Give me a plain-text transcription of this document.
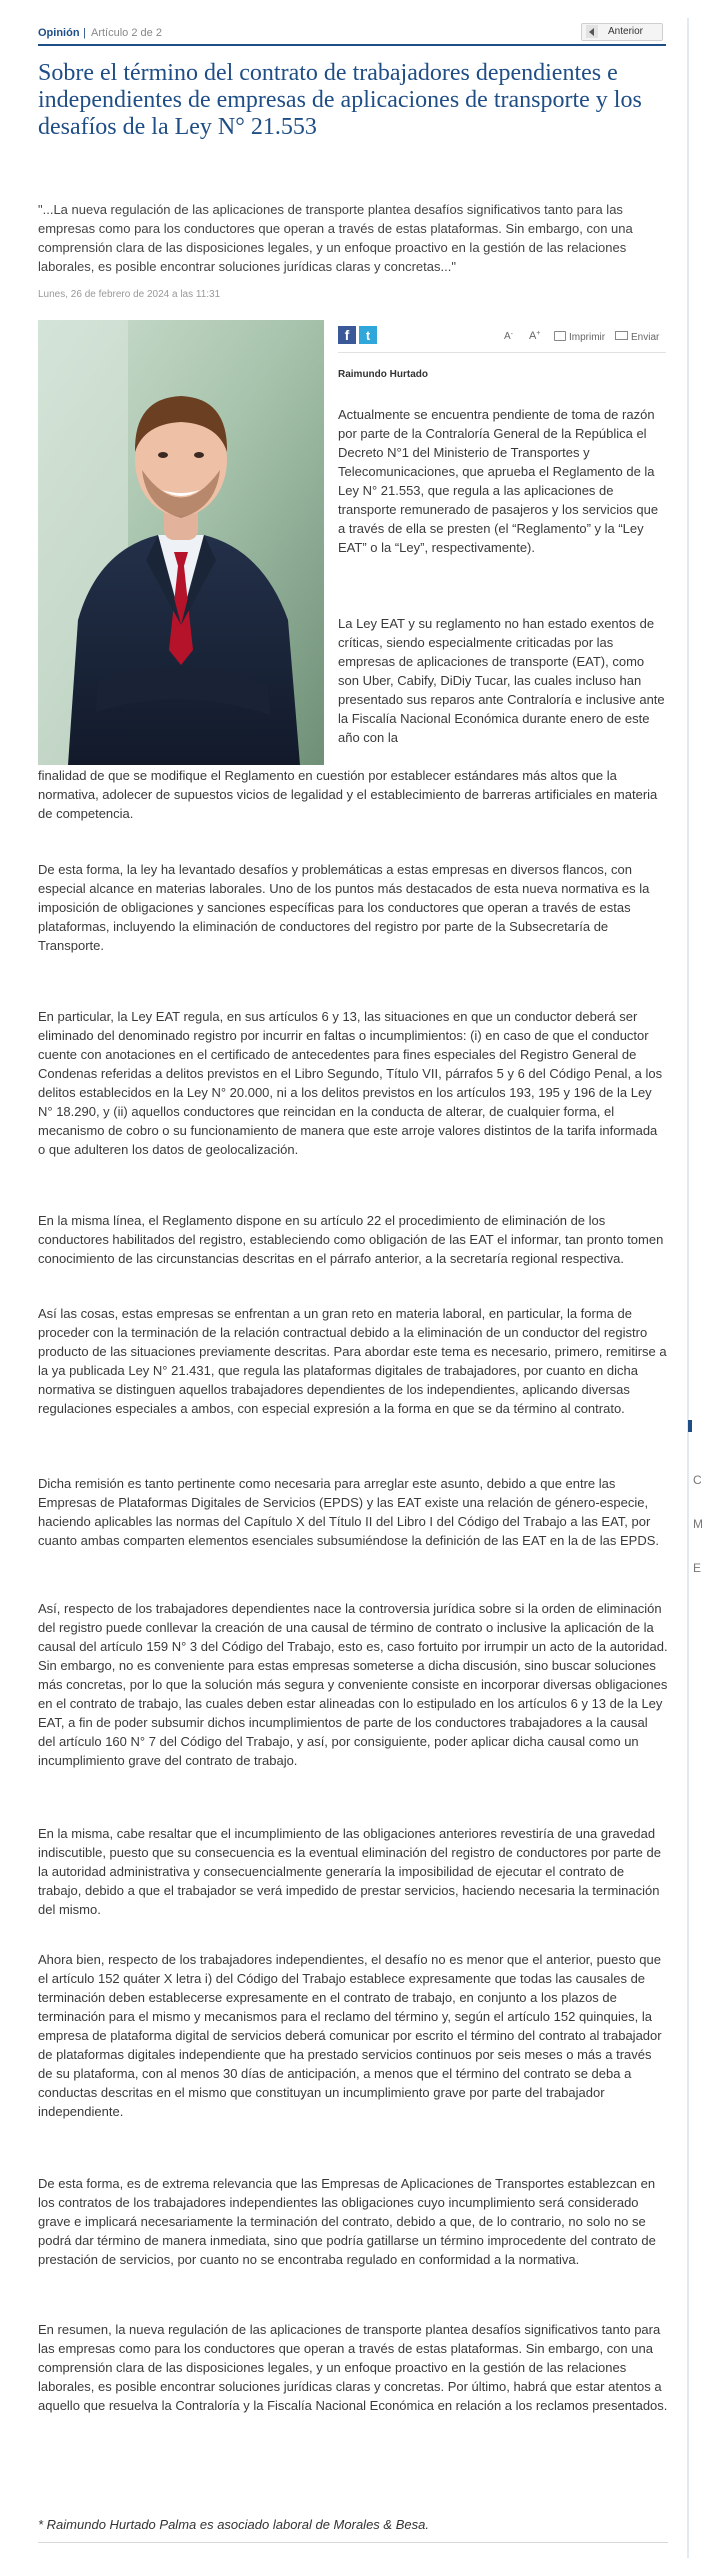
C M E
Opinión | Artículo 2 de 2	Anterior
Sobre el término del contrato de trabajadores dependientes e independientes de empresas de aplicaciones de transporte y los desafíos de la Ley N° 21.553
"...La nueva regulación de las aplicaciones de transporte plantea desafíos significativos tanto para las empresas como para los conductores que operan a través de estas plataformas. Sin embargo, con una comprensión clara de las disposiciones legales, y un enfoque proactivo en la gestión de las relaciones laborales, es posible encontrar soluciones jurídicas claras y concretas..."
Lunes, 26 de febrero de 2024 a las 11:31
f	t	A- A+	Imprimir	Enviar
Raimundo Hurtado
Actualmente se encuentra pendiente de toma de razón por parte de la Contraloría General de la República el Decreto N°1 del Ministerio de Transportes y Telecomunicaciones, que aprueba el Reglamento de la Ley N° 21.553, que regula a las aplicaciones de transporte remunerado de pasajeros y los servicios que a través de ella se presten (el “Reglamento” y la “Ley EAT” o la “Ley”, respectivamente).
La Ley EAT y su reglamento no han estado exentos de críticas, siendo especialmente criticadas por las empresas de aplicaciones de transporte (EAT), como son Uber, Cabify, DiDiy Tucar, las cuales incluso han presentado sus reparos ante Contraloría e inclusive ante la Fiscalía Nacional Económica durante enero de este año con la
finalidad de que se modifique el Reglamento en cuestión por establecer estándares más altos que la normativa, adolecer de supuestos vicios de legalidad y el establecimiento de barreras artificiales en materia de competencia.
De esta forma, la ley ha levantado desafíos y problemáticas a estas empresas en diversos flancos, con especial alcance en materias laborales. Uno de los puntos más destacados de esta nueva normativa es la imposición de obligaciones y sanciones específicas para los conductores que operan a través de estas plataformas, incluyendo la eliminación de conductores del registro por parte de la Subsecretaría de Transporte.
En particular, la Ley EAT regula, en sus artículos 6 y 13, las situaciones en que un conductor deberá ser eliminado del denominado registro por incurrir en faltas o incumplimientos: (i) en caso de que el conductor cuente con anotaciones en el certificado de antecedentes para fines especiales del Registro General de Condenas referidas a delitos previstos en el Libro Segundo, Título VII, párrafos 5 y 6 del Código Penal, a los delitos establecidos en la Ley N° 20.000, ni a los delitos previstos en los artículos 193, 195 y 196 de la Ley N° 18.290, y (ii) aquellos conductores que reincidan en la conducta de alterar, de cualquier forma, el mecanismo de cobro o su funcionamiento de manera que este arroje valores distintos de la tarifa informada o que adulteren los datos de geolocalización.
En la misma línea, el Reglamento dispone en su artículo 22 el procedimiento de eliminación de los conductores habilitados del registro, estableciendo como obligación de las EAT el informar, tan pronto tomen conocimiento de las circunstancias descritas en el párrafo anterior, a la secretaría regional respectiva.
Así las cosas, estas empresas se enfrentan a un gran reto en materia laboral, en particular, la forma de proceder con la terminación de la relación contractual debido a la eliminación de un conductor del registro producto de las situaciones previamente descritas. Para abordar este tema es necesario, primero, remitirse a la ya publicada Ley N° 21.431, que regula las plataformas digitales de trabajadores, por cuanto en dicha normativa se distinguen aquellos trabajadores dependientes de los independientes, aplicando diversas regulaciones especiales a ambos, con especial expresión a la forma en que se da término al contrato.
Dicha remisión es tanto pertinente como necesaria para arreglar este asunto, debido a que entre las Empresas de Plataformas Digitales de Servicios (EPDS) y las EAT existe una relación de género-especie, haciendo aplicables las normas del Capítulo X del Título II del Libro I del Código del Trabajo a las EAT, por cuanto ambas comparten elementos esenciales subsumiéndose la definición de las EAT en la de las EPDS.
Así, respecto de los trabajadores dependientes nace la controversia jurídica sobre si la orden de eliminación del registro puede conllevar la creación de una causal de término de contrato o inclusive la aplicación de la causal del artículo 159 N° 3 del Código del Trabajo, esto es, caso fortuito por irrumpir un acto de la autoridad. Sin embargo, no es conveniente para estas empresas someterse a dicha discusión, sino buscar soluciones más concretas, por lo que la solución más segura y conveniente consiste en incorporar diversas obligaciones en el contrato de trabajo, las cuales deben estar alineadas con lo estipulado en los artículos 6 y 13 de la Ley EAT, a fin de poder subsumir dichos incumplimientos de parte de los conductores trabajadores a la causal del artículo 160 N° 7 del Código del Trabajo, y así, por consiguiente, poder aplicar dicha causal como un incumplimiento grave del contrato de trabajo.
En la misma, cabe resaltar que el incumplimiento de las obligaciones anteriores revestiría de una gravedad indiscutible, puesto que su consecuencia es la eventual eliminación del registro de conductores por parte de la autoridad administrativa y consecuencialmente generaría la imposibilidad de ejecutar el contrato de trabajo, debido a que el trabajador se verá impedido de prestar servicios, haciendo necesaria la terminación del mismo.
Ahora bien, respecto de los trabajadores independientes, el desafío no es menor que el anterior, puesto que el artículo 152 quáter X letra i) del Código del Trabajo establece expresamente que todas las causales de terminación deben establecerse expresamente en el contrato de trabajo, en conjunto a los plazos de terminación para el mismo y mecanismos para el reclamo del término y, según el artículo 152 quinquies, la empresa de plataforma digital de servicios deberá comunicar por escrito el término del contrato al trabajador de plataformas digitales independiente que ha prestado servicios continuos por seis meses o más a través de su plataforma, con al menos 30 días de anticipación, a menos que el término del contrato se deba a conductas descritas en el mismo que constituyan un incumplimiento grave por parte del trabajador independiente.
De esta forma, es de extrema relevancia que las Empresas de Aplicaciones de Transportes establezcan en los contratos de los trabajadores independientes las obligaciones cuyo incumplimiento será considerado grave e implicará necesariamente la terminación del contrato, debido a que, de lo contrario, no solo no se podrá dar término de manera inmediata, sino que podría gatillarse un término improcedente del contrato de prestación de servicios, por cuanto no se encontraba regulado en conformidad a la normativa.
En resumen, la nueva regulación de las aplicaciones de transporte plantea desafíos significativos tanto para las empresas como para los conductores que operan a través de estas plataformas. Sin embargo, con una comprensión clara de las disposiciones legales, y un enfoque proactivo en la gestión de las relaciones laborales, es posible encontrar soluciones jurídicas claras y concretas. Por último, habrá que estar atentos a aquello que resuelva la Contraloría y la Fiscalía Nacional Económica en relación a los reclamos presentados.
* Raimundo Hurtado Palma es asociado laboral de Morales & Besa.
